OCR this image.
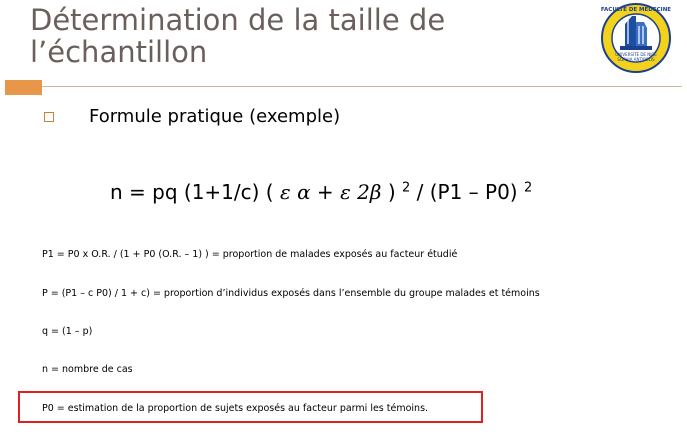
Détermination de la taille de
l’échantillon	UNIVERSITÉ DE NICE
SOPHIA ANTIPOLIS
FACULTÉ DE MÉDECINE
Formule pratique (exemple)
n = pq (1+1/c) ( ε α + ε 2β ) $^2$ / (P1 – P0) $^2$
P1 = P0 x O.R. / (1 + P0 (O.R. – 1) ) = proportion de malades exposés au facteur étudié
P = (P1 – c P0) / 1 + c) = proportion d’individus exposés dans l’ensemble du groupe malades et témoins
q = (1 – p)
n = nombre de cas
P0 = estimation de la proportion de sujets exposés au facteur parmi les témoins.
